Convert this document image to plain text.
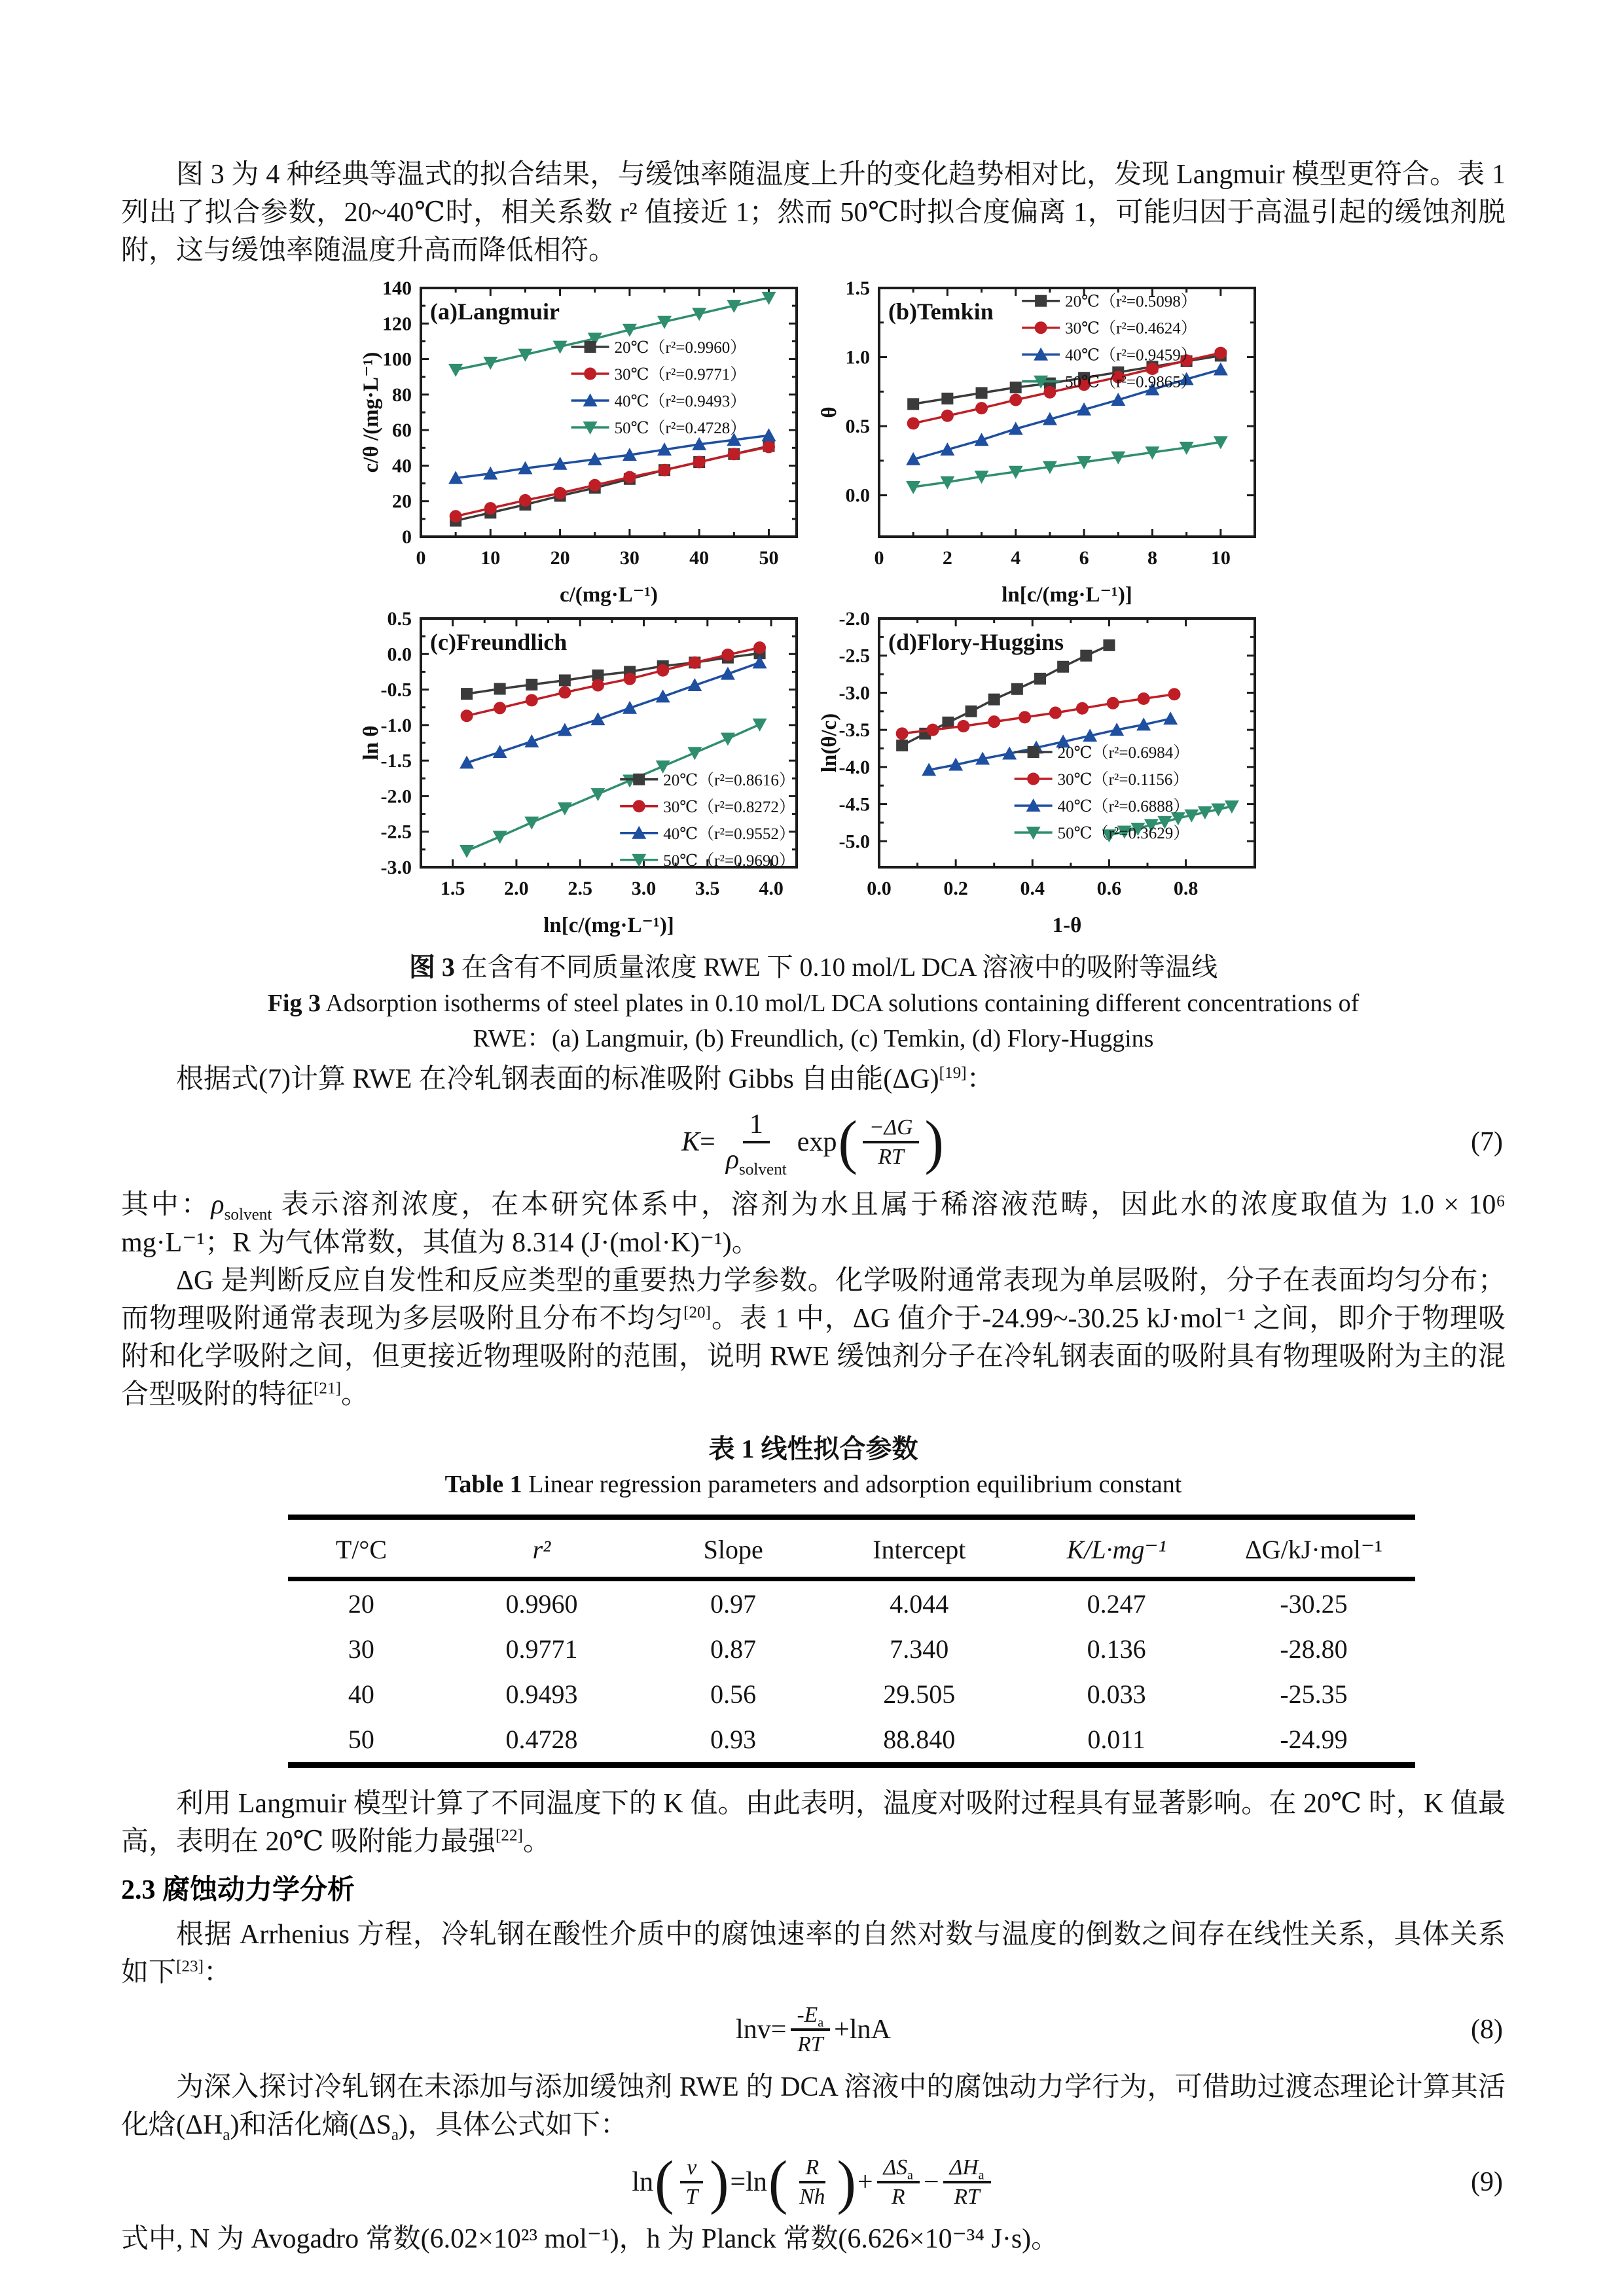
图 3 为 4 种经典等温式的拟合结果，与缓蚀率随温度上升的变化趋势相对比，发现 Langmuir 模型更符合。表 1 列出了拟合参数，20~40℃时，相关系数 r² 值接近 1；然而 50℃时拟合度偏离 1，可能归因于高温引起的缓蚀剂脱附，这与缓蚀率随温度升高而降低相符。

0	10	20	30	40	50
0
20
40
60
80
100
120
140
c/(mg·L⁻¹)
c/θ /(mg·L⁻¹)
(a)Langmuir
20℃（r²=0.9960）
30℃（r²=0.9771）
40℃（r²=0.9493）
50℃（r²=0.4728）
0	2	4	6	8	10
0.0
0.5
1.0
1.5
ln[c/(mg·L⁻¹)]
θ
(b)Temkin	20℃（r²=0.5098）
30℃（r²=0.4624）
40℃（r²=0.9459）
50℃（r²=0.9865）
1.5 2.0 2.5 3.0 3.5 4.0
-3.0
-2.5
-2.0
-1.5
-1.0
-0.5
0.0
0.5
ln[c/(mg·L⁻¹)]
ln θ
(c)Freundlich
20℃（r²=0.8616）
30℃（r²=0.8272）
40℃（r²=0.9552）
50℃（r²=0.9690）
0.0	0.2	0.4	0.6	0.8
-5.0
-4.5
-4.0
-3.5
-3.0
-2.5
-2.0
1-θ
ln(θ/c)
(d)Flory-Huggins
20℃（r²=0.6984）
30℃（r²=0.1156）
40℃（r²=0.6888）
50℃（r²=0.3629）
图 3 在含有不同质量浓度 RWE 下 0.10 mol/L DCA 溶液中的吸附等温线
Fig 3 Adsorption isotherms of steel plates in 0.10 mol/L DCA solutions containing different concentrations of
RWE：(a) Langmuir, (b) Freundlich, (c) Temkin, (d) Flory-Huggins

根据式(7)计算 RWE 在冷轧钢表面的标准吸附 Gibbs 自由能(ΔG)[19]：

$K = \frac{1}{\rho_{solvent}}$ exp ( $\frac{-\Delta G}{RT}$ )	(7)

其中：$\rho_{solvent}$ 表示溶剂浓度，在本研究体系中，溶剂为水且属于稀溶液范畴，因此水的浓度取值为 1.0 × 10⁶ mg·L⁻¹；R 为气体常数，其值为 8.314 (J·(mol·K)⁻¹)。

ΔG 是判断反应自发性和反应类型的重要热力学参数。化学吸附通常表现为单层吸附，分子在表面均匀分布；而物理吸附通常表现为多层吸附且分布不均匀[20]。表 1 中，ΔG 值介于-24.99~-30.25 kJ·mol⁻¹ 之间，即介于物理吸附和化学吸附之间，但更接近物理吸附的范围，说明 RWE 缓蚀剂分子在冷轧钢表面的吸附具有物理吸附为主的混合型吸附的特征[21]。

表 1 线性拟合参数
Table 1 Linear regression parameters and adsorption equilibrium constant
T/°C	r²	Slope	Intercept	K/L·mg⁻¹	ΔG/kJ·mol⁻¹
20	0.9960	0.97	4.044	0.247	-30.25
30	0.9771	0.87	7.340	0.136	-28.80
40	0.9493	0.56	29.505	0.033	-25.35
50	0.4728	0.93	88.840	0.011	-24.99

利用 Langmuir 模型计算了不同温度下的 K 值。由此表明，温度对吸附过程具有显著影响。在 20℃ 时，K 值最高，表明在 20℃ 吸附能力最强[22]。

2.3 腐蚀动力学分析

根据 Arrhenius 方程，冷轧钢在酸性介质中的腐蚀速率的自然对数与温度的倒数之间存在线性关系，具体关系如下[23]：

$\ln v= \frac{-E_a}{RT} +\ln A$	(8)

为深入探讨冷轧钢在未添加与添加缓蚀剂 RWE 的 DCA 溶液中的腐蚀动力学行为，可借助过渡态理论计算其活化焓$(\Delta H_a)$和活化熵$(\Delta S_a)$，具体公式如下：

ln ( $\frac{v}{T}$ ) = ln ( $\frac{R}{Nh}$ ) + $\frac{\Delta S_a}{R} - \frac{\Delta H_a}{RT}$	(9)

式中, N 为 Avogadro 常数(6.02×10²³ mol⁻¹)，h 为 Planck 常数(6.626×10⁻³⁴ J·s)。
